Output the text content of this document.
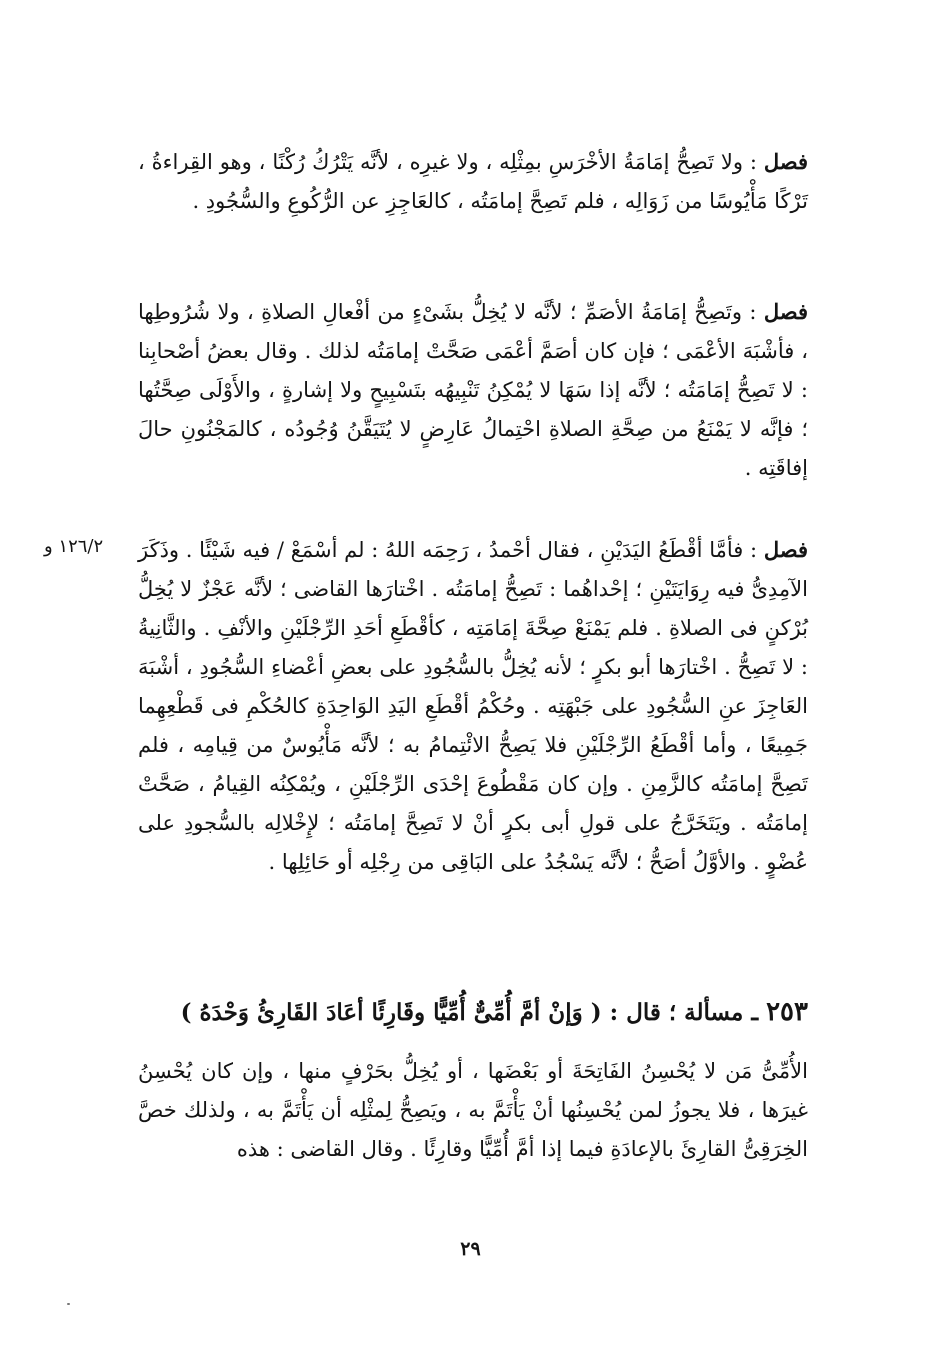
فصل : ولا تَصِحُّ إمَامَةُ الأخْرَسِ بمِثْلِه ، ولا غيرِه ، لأنَّه يَتْرُكُ رُكْنًا ، وهو القِراءةُ ، تَرْكًا مَأْيُوسًا من زَوَالِه ، فلم تَصِحَّ إمامَتُه ، كالعَاجِزِ عن الرُّكُوعِ والسُّجُودِ .

فصل : وتَصِحُّ إمَامَةُ الأصَمِّ ؛ لأنَّه لا يُخِلُّ بشَىْءٍ من أفْعالِ الصلاةِ ، ولا شُرُوطِها ، فأشْبَهَ الأعْمَى ؛ فإن كان أصَمَّ أعْمَى صَحَّتْ إمامَتُه لذلك . وقال بعضُ أصْحابِنا : لا تَصِحُّ إمَامَتُه ؛ لأنَّه إذا سَهَا لا يُمْكِنُ تَنْبِيهُه بتَسْبِيحٍ ولا إشارةٍ ، والأَوْلَى صِحَّتُها ؛ فإنَّه لا يَمْنَعُ من صِحَّةِ الصلاةِ احْتِمالُ عَارِضٍ لا يُتَيَقَّنُ وُجُودُه ، كالمَجْنُونِ حالَ إفاقَتِه .

١٢٦/٢ و	فصل : فأمَّا أقْطَعُ اليَدَيْنِ ، فقال أحْمدُ ، رَحِمَه اللهُ : لم أسْمَعْ / فيه شَيْئًا . وذَكَرَ الآمِدِىُّ فيه رِوَايَتَيْنِ ؛ إحْداهُما : تَصِحُّ إمامَتُه . اخْتارَها القاضى ؛ لأنَّه عَجْزٌ لا يُخِلُّ بُرْكنٍ فى الصلاةِ . فلم يَمْنَعْ صِحَّةَ إمَامَتِه ، كأقْطَعِ أحَدِ الرِّجْلَيْنِ والأنْفِ . والثَّانِيةُ : لا تَصِحُّ . اخْتارَها أبو بكرٍ ؛ لأنه يُخِلُّ بالسُّجُودِ على بعضِ أعْضاءِ السُّجُودِ ، أشْبَهَ العَاجِزَ عنِ السُّجُودِ على جَبْهَتِه . وحُكْمُ أقْطَعِ اليَدِ الوَاحِدَةِ كالحُكْمِ فى قَطْعِهِما جَمِيعًا ، وأما أقْطَعُ الرِّجْلَيْنِ فلا يَصِحُّ الائْتِمامُ به ؛ لأنَّه مَأْيُوسٌ من قِيامِه ، فلم تَصِحَّ إمامَتُه كالزَّمِنِ . وإن كان مَقْطُوعَ إحْدَى الرِّجْلَيْنِ ، ويُمْكِنُه القِيامُ ، صَحَّتْ إمامَتُه . ويَتَخَرَّجُ على قولِ أبى بكرٍ أنْ لا تَصِحَّ إمامَتُه ؛ لإِخْلالِه بالسُّجودِ على عُضْوٍ . والأوَّلُ أصَحُّ ؛ لأنَّه يَسْجُدُ على البَاقِى من رِجْلِه أو حَائِلِها .

٢٥٣ ـ مسألة ؛ قال : ( وَإنْ أمَّ أُمِّىٌّ أُمِّيًّا وقَارِئًا أعَادَ القَارِئُ وَحْدَهُ )

الأُمِّىُّ مَن لا يُحْسِنُ الفَاتِحَةَ أو بَعْضَها ، أو يُخِلُّ بحَرْفٍ منها ، وإن كان يُحْسِنُ غيرَها ، فلا يجوزُ لمن يُحْسِنُها أنْ يَأْتَمَّ به ، ويَصِحُّ لِمثْلِه أن يَأْتَمَّ به ، ولذلك خصَّ الخِرَقِىُّ القارِئَ بالإعادَةِ فيما إذا أمَّ أُمِّيًّا وقارِئًا . وقال القاضى : هذه

٢٩
